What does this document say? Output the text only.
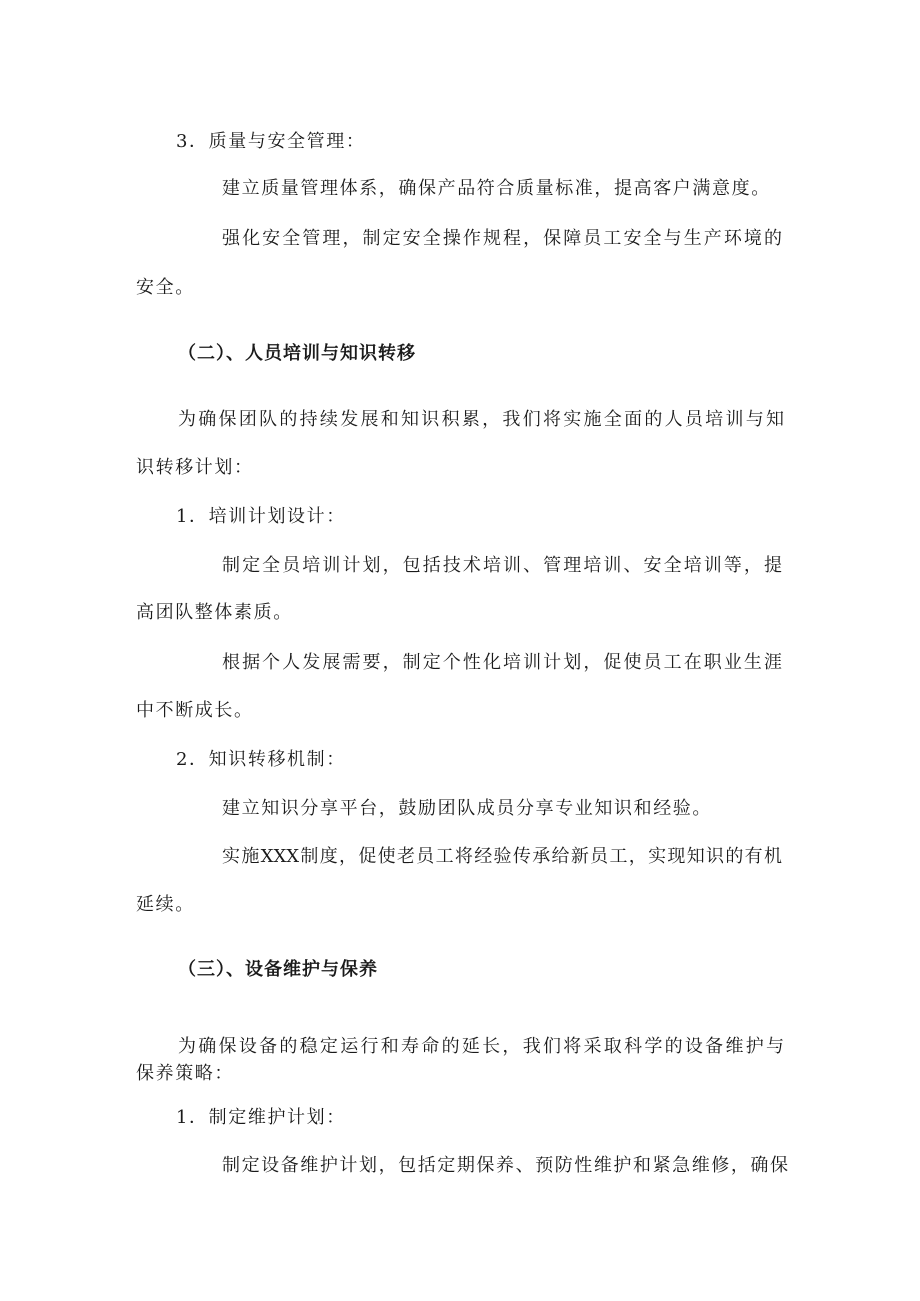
3．质量与安全管理：
建立质量管理体系，确保产品符合质量标准，提高客户满意度。
强化安全管理，制定安全操作规程，保障员工安全与生产环境的
安全。
（二）、人员培训与知识转移
为确保团队的持续发展和知识积累，我们将实施全面的人员培训与知
识转移计划：
1．培训计划设计：
制定全员培训计划，包括技术培训、管理培训、安全培训等，提
高团队整体素质。
根据个人发展需要，制定个性化培训计划，促使员工在职业生涯
中不断成长。
2．知识转移机制：
建立知识分享平台，鼓励团队成员分享专业知识和经验。
实施XXX制度，促使老员工将经验传承给新员工，实现知识的有机
延续。
（三）、设备维护与保养
为确保设备的稳定运行和寿命的延长，我们将采取科学的设备维护与
保养策略：
1．制定维护计划：
制定设备维护计划，包括定期保养、预防性维护和紧急维修，确保
